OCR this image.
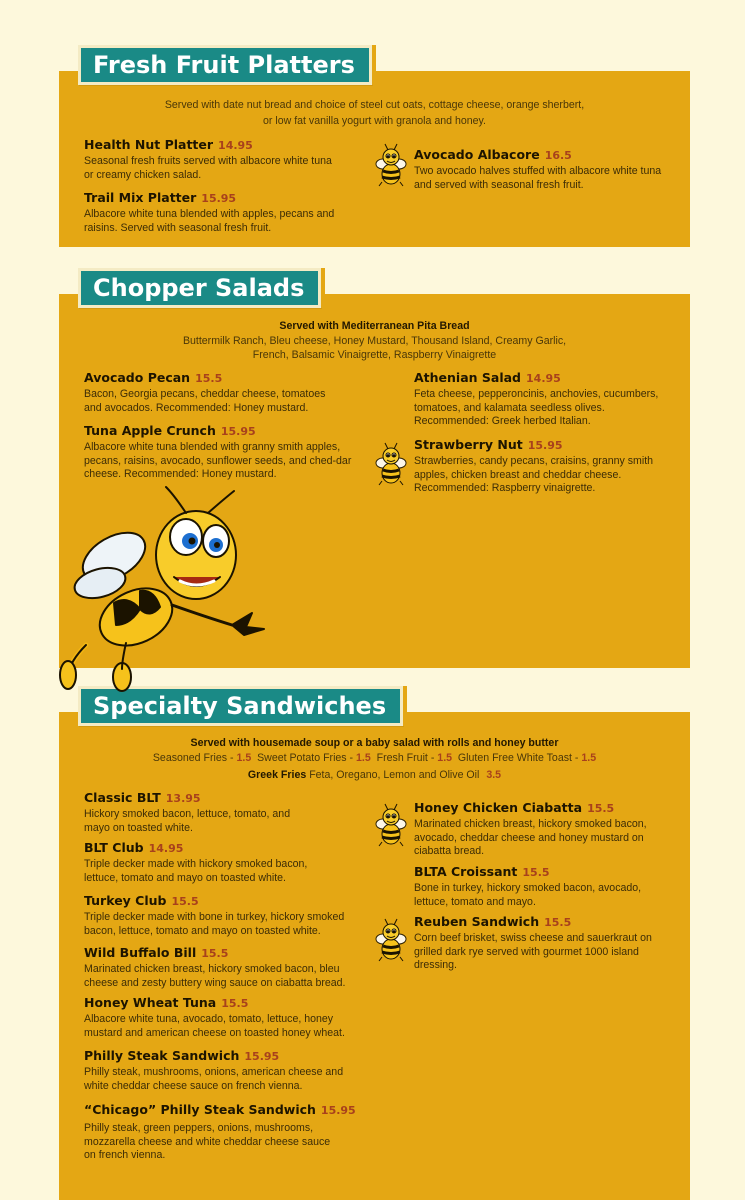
Fresh Fruit Platters
Served with date nut bread and choice of steel cut oats, cottage cheese, orange sherbert,
or low fat vanilla yogurt with granola and honey.
Health Nut Platter 14.95
Seasonal fresh fruits served with albacore white tuna or creamy chicken salad.
Trail Mix Platter 15.95
Albacore white tuna blended with apples, pecans and raisins. Served with seasonal fresh fruit.
Avocado Albacore 16.5
Two avocado halves stuffed with albacore white tuna and served with seasonal fresh fruit.
Chopper Salads
Served with Mediterranean Pita Bread
Buttermilk Ranch, Bleu cheese, Honey Mustard, Thousand Island, Creamy Garlic,
French, Balsamic Vinaigrette, Raspberry Vinaigrette
Avocado Pecan 15.5
Bacon, Georgia pecans, cheddar cheese, tomatoes and avocados. Recommended: Honey mustard.
Tuna Apple Crunch 15.95
Albacore white tuna blended with granny smith apples, pecans, raisins, avocado, sunflower seeds, and ched-dar cheese. Recommended: Honey mustard.
Athenian Salad 14.95
Feta cheese, pepperoncinis, anchovies, cucumbers, tomatoes, and kalamata seedless olives. Recommended: Greek herbed Italian.
Strawberry Nut 15.95
Strawberries, candy pecans, craisins, granny smith apples, chicken breast and cheddar cheese. Recommended: Raspberry vinaigrette.
Specialty Sandwiches
Served with housemade soup or a baby salad with rolls and honey butter
Seasoned Fries - 1.5 Sweet Potato Fries - 1.5 Fresh Fruit - 1.5 Gluten Free White Toast - 1.5
Greek Fries Feta, Oregano, Lemon and Olive Oil 3.5
Classic BLT 13.95
Hickory smoked bacon, lettuce, tomato, and mayo on toasted white.
BLT Club 14.95
Triple decker made with hickory smoked bacon, lettuce, tomato and mayo on toasted white.
Turkey Club 15.5
Triple decker made with bone in turkey, hickory smoked bacon, lettuce, tomato and mayo on toasted white.
Wild Buffalo Bill 15.5
Marinated chicken breast, hickory smoked bacon, bleu cheese and zesty buttery wing sauce on ciabatta bread.
Honey Wheat Tuna 15.5
Albacore white tuna, avocado, tomato, lettuce, honey mustard and american cheese on toasted honey wheat.
Philly Steak Sandwich 15.95
Philly steak, mushrooms, onions, american cheese and white cheddar cheese sauce on french vienna.
“Chicago” Philly Steak Sandwich 15.95
Philly steak, green peppers, onions, mushrooms, mozzarella cheese and white cheddar cheese sauce on french vienna.
Honey Chicken Ciabatta 15.5
Marinated chicken breast, hickory smoked bacon, avocado, cheddar cheese and honey mustard on ciabatta bread.
BLTA Croissant 15.5
Bone in turkey, hickory smoked bacon, avocado, lettuce, tomato and mayo.
Reuben Sandwich 15.5
Corn beef brisket, swiss cheese and sauerkraut on grilled dark rye served with gourmet 1000 island dressing.
